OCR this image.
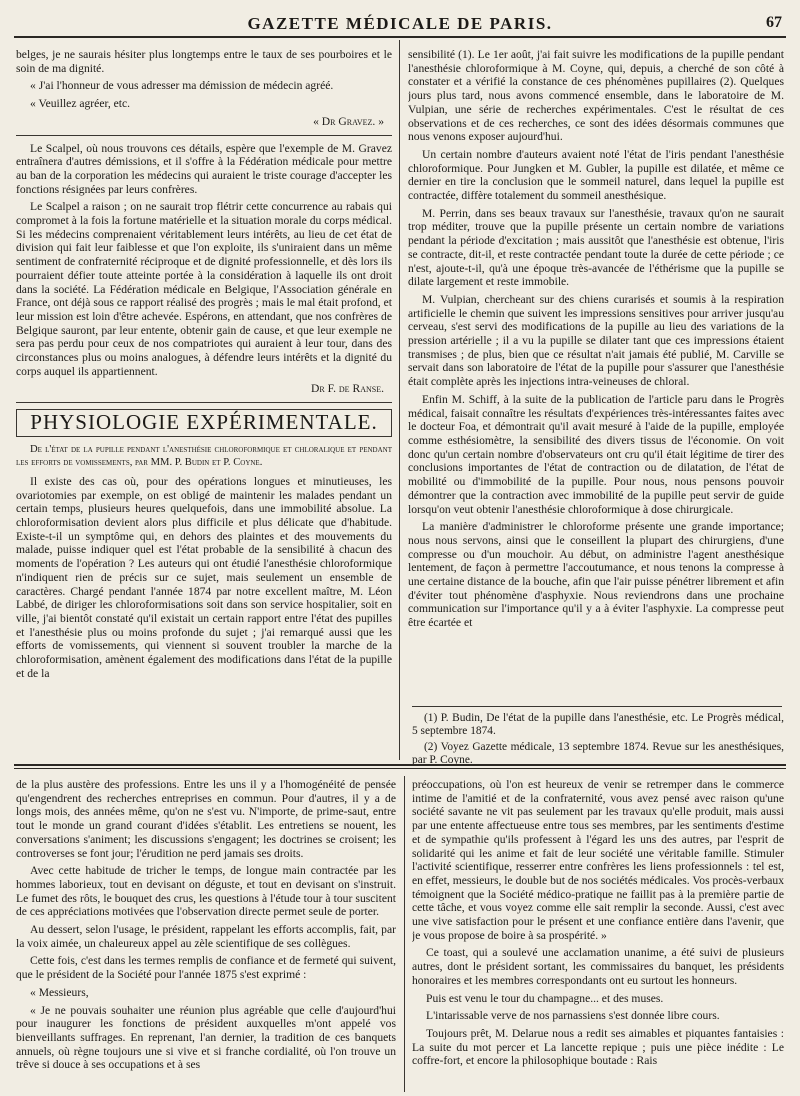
GAZETTE MÉDICALE DE PARIS.	67

belges, je ne saurais hésiter plus longtemps entre le taux de ses pourboires et le soin de ma dignité.

« J'ai l'honneur de vous adresser ma démission de médecin agréé.

« Veuillez agréer, etc.

« Dr Gravez. »

Le Scalpel, où nous trouvons ces détails, espère que l'exemple de M. Gravez entraînera d'autres démissions, et il s'offre à la Fédération médicale pour mettre au ban de la corporation les médecins qui auraient le triste courage d'accepter les fonctions résignées par leurs confrères.

Le Scalpel a raison ; on ne saurait trop flétrir cette concurrence au rabais qui compromet à la fois la fortune matérielle et la situation morale du corps médical. Si les médecins comprenaient véritablement leurs intérêts, au lieu de cet état de division qui fait leur faiblesse et que l'on exploite, ils s'uniraient dans un même sentiment de confraternité réciproque et de dignité professionnelle, et dès lors ils pourraient défier toute atteinte portée à la considération à laquelle ils ont droit dans la société. La Fédération médicale en Belgique, l'Association générale en France, ont déjà sous ce rapport réalisé des progrès ; mais le mal était profond, et leur mission est loin d'être achevée. Espérons, en attendant, que nos confrères de Belgique sauront, par leur entente, obtenir gain de cause, et que leur exemple ne sera pas perdu pour ceux de nos compatriotes qui auraient à leur tour, dans des circonstances plus ou moins analogues, à défendre leurs intérêts et la dignité du corps auquel ils appartiennent.

Dr F. de Ranse.

PHYSIOLOGIE EXPÉRIMENTALE.

De l'état de la pupille pendant l'anesthésie chloroformique et chloralique et pendant les efforts de vomissements, par MM. P. Budin et P. Coyne.

Il existe des cas où, pour des opérations longues et minutieuses, les ovariotomies par exemple, on est obligé de maintenir les malades pendant un certain temps, plusieurs heures quelquefois, dans une immobilité absolue. La chloroformisation devient alors plus difficile et plus délicate que d'habitude. Existe-t-il un symptôme qui, en dehors des plaintes et des mouvements du malade, puisse indiquer quel est l'état probable de la sensibilité à chacun des moments de l'opération ? Les auteurs qui ont étudié l'anesthésie chloroformique n'indiquent rien de précis sur ce sujet, mais seulement un ensemble de caractères. Chargé pendant l'année 1874 par notre excellent maître, M. Léon Labbé, de diriger les chloroformisations soit dans son service hospitalier, soit en ville, j'ai bientôt constaté qu'il existait un certain rapport entre l'état des pupilles et l'anesthésie plus ou moins profonde du sujet ; j'ai remarqué aussi que les efforts de vomissements, qui viennent si souvent troubler la marche de la chloroformisation, amènent également des modifications dans l'état de la pupille et de la

sensibilité (1). Le 1er août, j'ai fait suivre les modifications de la pupille pendant l'anesthésie chloroformique à M. Coyne, qui, depuis, a cherché de son côté à constater et a vérifié la constance de ces phénomènes pupillaires (2). Quelques jours plus tard, nous avons commencé ensemble, dans le laboratoire de M. Vulpian, une série de recherches expérimentales. C'est le résultat de ces observations et de ces recherches, ce sont des idées désormais communes que nous venons exposer aujourd'hui.

Un certain nombre d'auteurs avaient noté l'état de l'iris pendant l'anesthésie chloroformique. Pour Jungken et M. Gubler, la pupille est dilatée, et même ce dernier en tire la conclusion que le sommeil naturel, dans lequel la pupille est contractée, diffère totalement du sommeil anesthésique.

M. Perrin, dans ses beaux travaux sur l'anesthésie, travaux qu'on ne saurait trop méditer, trouve que la pupille présente un certain nombre de variations pendant la période d'excitation ; mais aussitôt que l'anesthésie est obtenue, l'iris se contracte, dit-il, et reste contractée pendant toute la durée de cette période ; ce n'est, ajoute-t-il, qu'à une époque très-avancée de l'éthérisme que la pupille se dilate largement et reste immobile.

M. Vulpian, chercheant sur des chiens curarisés et soumis à la respiration artificielle le chemin que suivent les impressions sensitives pour arriver jusqu'au cerveau, s'est servi des modifications de la pupille au lieu des variations de la pression artérielle ; il a vu la pupille se dilater tant que ces impressions étaient transmises ; de plus, bien que ce résultat n'ait jamais été publié, M. Carville se servait dans son laboratoire de l'état de la pupille pour s'assurer que l'anesthésie était complète après les injections intra-veineuses de chloral.

Enfin M. Schiff, à la suite de la publication de l'article paru dans le Progrès médical, faisait connaître les résultats d'expériences très-intéressantes faites avec le docteur Foa, et démontrait qu'il avait mesuré à l'aide de la pupille, employée comme esthésiomètre, la sensibilité des divers tissus de l'économie. On voit donc qu'un certain nombre d'observateurs ont cru qu'il était légitime de tirer des conclusions importantes de l'état de contraction ou de dilatation, de l'état de mobilité ou d'immobilité de la pupille. Pour nous, nous pensons pouvoir démontrer que la contraction avec immobilité de la pupille peut servir de guide lorsqu'on veut obtenir l'anesthésie chloroformique à dose chirurgicale.

La manière d'administrer le chloroforme présente une grande importance; nous nous servons, ainsi que le conseillent la plupart des chirurgiens, d'une compresse ou d'un mouchoir. Au début, on administre l'agent anesthésique lentement, de façon à permettre l'accoutumance, et nous tenons la compresse à une certaine distance de la bouche, afin que l'air puisse pénétrer librement et afin d'éviter tout phénomène d'asphyxie. Nous reviendrons dans une prochaine communication sur l'importance qu'il y a à éviter l'asphyxie. La compresse peut être écartée et

(1) P. Budin, De l'état de la pupille dans l'anesthésie, etc. Le Progrès médical, 5 septembre 1874.

(2) Voyez Gazette médicale, 13 septembre 1874. Revue sur les anesthésiques, par P. Coyne.

de la plus austère des professions. Entre les uns il y a l'homogénéité de pensée qu'engendrent des recherches entreprises en commun. Pour d'autres, il y a de longs mois, des années même, qu'on ne s'est vu. N'importe, de prime-saut, entre tout le monde un grand courant d'idées s'établit. Les entretiens se nouent, les conversations s'animent; les discussions s'engagent; les doctrines se croisent; les controverses se font jour; l'érudition ne perd jamais ses droits.

Avec cette habitude de tricher le temps, de longue main contractée par les hommes laborieux, tout en devisant on déguste, et tout en devisant on s'instruit. Le fumet des rôts, le bouquet des crus, les questions à l'étude tour à tour suscitent de ces appréciations motivées que l'observation directe permet seule de porter.

Au dessert, selon l'usage, le président, rappelant les efforts accomplis, fait, par la voix aimée, un chaleureux appel au zèle scientifique de ses collègues.

Cette fois, c'est dans les termes remplis de confiance et de fermeté qui suivent, que le président de la Société pour l'année 1875 s'est exprimé :

« Messieurs,

« Je ne pouvais souhaiter une réunion plus agréable que celle d'aujourd'hui pour inaugurer les fonctions de président auxquelles m'ont appelé vos bienveillants suffrages. En reprenant, l'an dernier, la tradition de ces banquets annuels, où règne toujours une si vive et si franche cordialité, où l'on trouve un trêve si douce à ses occupations et à ses

préoccupations, où l'on est heureux de venir se retremper dans le commerce intime de l'amitié et de la confraternité, vous avez pensé avec raison qu'une société savante ne vit pas seulement par les travaux qu'elle produit, mais aussi par une entente affectueuse entre tous ses membres, par les sentiments d'estime et de sympathie qu'ils professent à l'égard les uns des autres, par l'esprit de solidarité qui les anime et fait de leur société une véritable famille. Stimuler l'activité scientifique, resserrer entre confrères les liens professionnels : tel est, en effet, messieurs, le double but de nos sociétés médicales. Vos procès-verbaux témoignent que la Société médico-pratique ne faillit pas à la première partie de cette tâche, et vous voyez comme elle sait remplir la seconde. Aussi, c'est avec une vive satisfaction pour le présent et une confiance entière dans l'avenir, que je vous propose de boire à sa prospérité. »

Ce toast, qui a soulevé une acclamation unanime, a été suivi de plusieurs autres, dont le président sortant, les commissaires du banquet, les présidents honoraires et les membres correspondants ont eu surtout les honneurs.

Puis est venu le tour du champagne... et des muses.

L'intarissable verve de nos parnassiens s'est donnée libre cours.

Toujours prêt, M. Delarue nous a redit ses aimables et piquantes fantaisies : La suite du mot percer et La lancette repique ; puis une pièce inédite : Le coffre-fort, et encore la philosophique boutade : Rais
